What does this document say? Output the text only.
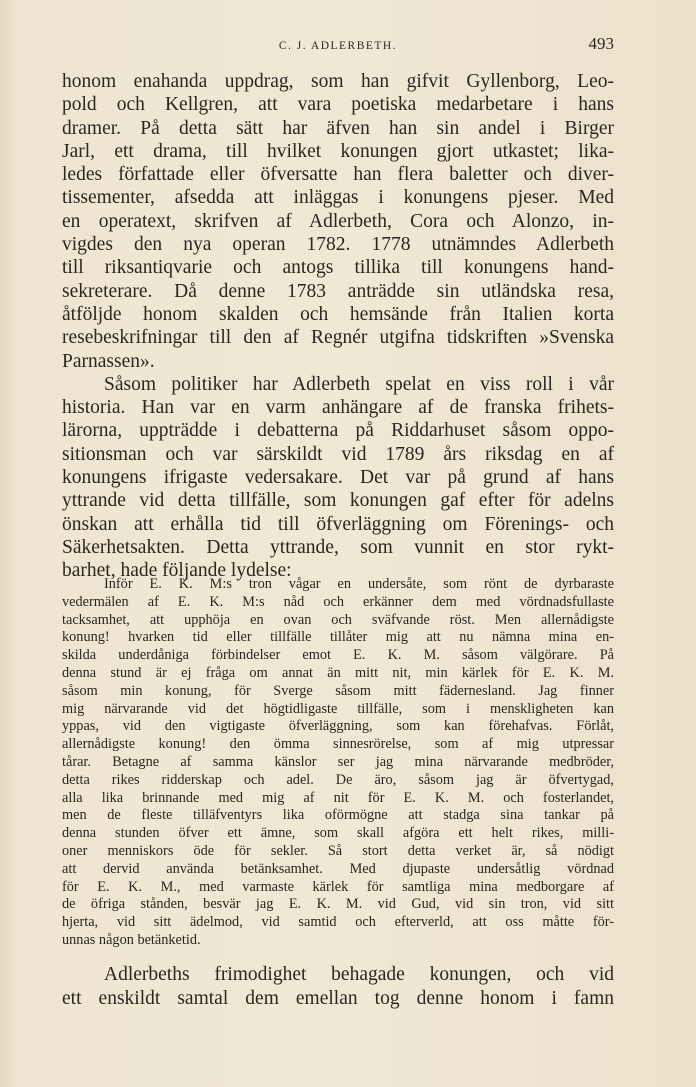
C. J. ADLERBETH.	493
honom enahanda uppdrag, som han gifvit Gyllenborg, Leo-
pold och Kellgren, att vara poetiska medarbetare i hans
dramer. På detta sätt har äfven han sin andel i Birger
Jarl, ett drama, till hvilket konungen gjort utkastet; lika-
ledes författade eller öfversatte han flera baletter och diver-
tissementer, afsedda att inläggas i konungens pjeser. Med
en operatext, skrifven af Adlerbeth, Cora och Alonzo, in-
vigdes den nya operan 1782. 1778 utnämndes Adlerbeth
till riksantiqvarie och antogs tillika till konungens hand-
sekreterare. Då denne 1783 anträdde sin utländska resa,
åtföljde honom skalden och hemsände från Italien korta
resebeskrifningar till den af Regnér utgifna tidskriften »Svenska
Parnassen».
Såsom politiker har Adlerbeth spelat en viss roll i vår
historia. Han var en varm anhängare af de franska frihets-
lärorna, uppträdde i debatterna på Riddarhuset såsom oppo-
sitionsman och var särskildt vid 1789 års riksdag en af
konungens ifrigaste vedersakare. Det var på grund af hans
yttrande vid detta tillfälle, som konungen gaf efter för adelns
önskan att erhålla tid till öfverläggning om Förenings- och
Säkerhetsakten. Detta yttrande, som vunnit en stor rykt-
barhet, hade följande lydelse:
Inför E. K. M:s tron vågar en undersåte, som rönt de dyrbaraste
vedermälen af E. K. M:s nåd och erkänner dem med vördnadsfullaste
tacksamhet, att upphöja en ovan och sväfvande röst. Men allernådigste
konung! hvarken tid eller tillfälle tillåter mig att nu nämna mina en-
skilda underdåniga förbindelser emot E. K. M. såsom välgörare. På
denna stund är ej fråga om annat än mitt nit, min kärlek för E. K. M.
såsom min konung, för Sverge såsom mitt fädernesland. Jag finner
mig närvarande vid det högtidligaste tillfälle, som i menskligheten kan
yppas, vid den vigtigaste öfverläggning, som kan förehafvas. Förlåt,
allernådigste konung! den ömma sinnesrörelse, som af mig utpressar
tårar. Betagne af samma känslor ser jag mina närvarande medbröder,
detta rikes ridderskap och adel. De äro, såsom jag är öfvertygad,
alla lika brinnande med mig af nit för E. K. M. och fosterlandet,
men de fleste tilläfventyrs lika oförmögne att stadga sina tankar på
denna stunden öfver ett ämne, som skall afgöra ett helt rikes, milli-
oner menniskors öde för sekler. Så stort detta verket är, så nödigt
att dervid använda betänksamhet. Med djupaste undersåtlig vördnad
för E. K. M., med varmaste kärlek för samtliga mina medborgare af
de öfriga stånden, besvär jag E. K. M. vid Gud, vid sin tron, vid sitt
hjerta, vid sitt ädelmod, vid samtid och efterverld, att oss måtte för-
unnas någon betänketid.
Adlerbeths frimodighet behagade konungen, och vid
ett enskildt samtal dem emellan tog denne honom i famn
